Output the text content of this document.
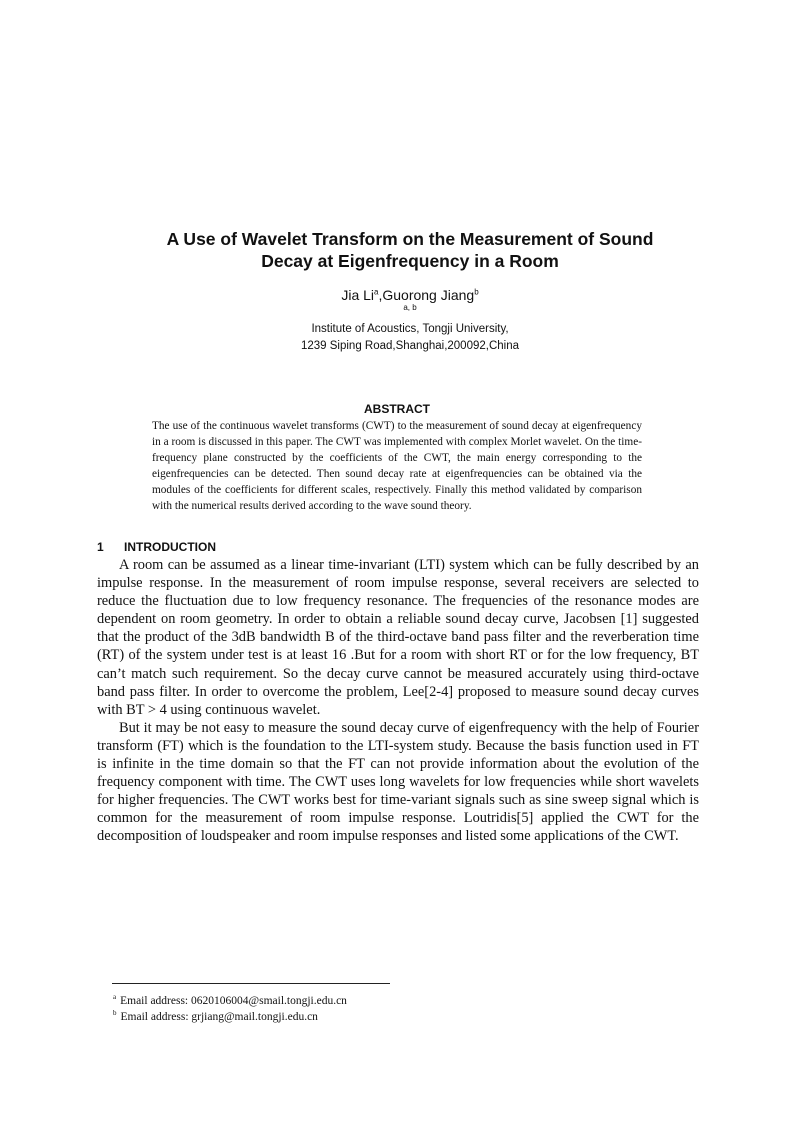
A Use of Wavelet Transform on the Measurement of Sound
Decay at Eigenfrequency in a Room
Jia Li$^a$,Guorong Jiang$^b$
$^{a, b}$
Institute of Acoustics, Tongji University,
1239 Siping Road,Shanghai,200092,China
ABSTRACT

The use of the continuous wavelet transforms (CWT) to the measurement of sound decay at eigenfrequency in a room is discussed in this paper. The CWT was implemented with complex Morlet wavelet. On the time-frequency plane constructed by the coefficients of the CWT, the main energy corresponding to the eigenfrequencies can be detected. Then sound decay rate at eigenfrequencies can be obtained via the modules of the coefficients for different scales, respectively. Finally this method validated by comparison with the numerical results derived according to the wave sound theory.

1 INTRODUCTION

A room can be assumed as a linear time-invariant (LTI) system which can be fully described by an impulse response. In the measurement of room impulse response, several receivers are selected to reduce the fluctuation due to low frequency resonance. The frequencies of the resonance modes are dependent on room geometry. In order to obtain a reliable sound decay curve, Jacobsen [1] suggested that the product of the 3dB bandwidth B of the third-octave band pass filter and the reverberation time (RT) of the system under test is at least 16 .But for a room with short RT or for the low frequency, BT can’t match such requirement. So the decay curve cannot be measured accurately using third-octave band pass filter. In order to overcome the problem, Lee[2-4] proposed to measure sound decay curves with BT > 4 using continuous wavelet.

But it may be not easy to measure the sound decay curve of eigenfrequency with the help of Fourier transform (FT) which is the foundation to the LTI-system study. Because the basis function used in FT is infinite in the time domain so that the FT can not provide information about the evolution of the frequency component with time. The CWT uses long wavelets for low frequencies while short wavelets for higher frequencies. The CWT works best for time-variant signals such as sine sweep signal which is common for the measurement of room impulse response. Loutridis[5] applied the CWT for the decomposition of loudspeaker and room impulse responses and listed some applications of the CWT.

$^a$ Email address: 0620106004@smail.tongji.edu.cn
$^b$ Email address: grjiang@mail.tongji.edu.cn
